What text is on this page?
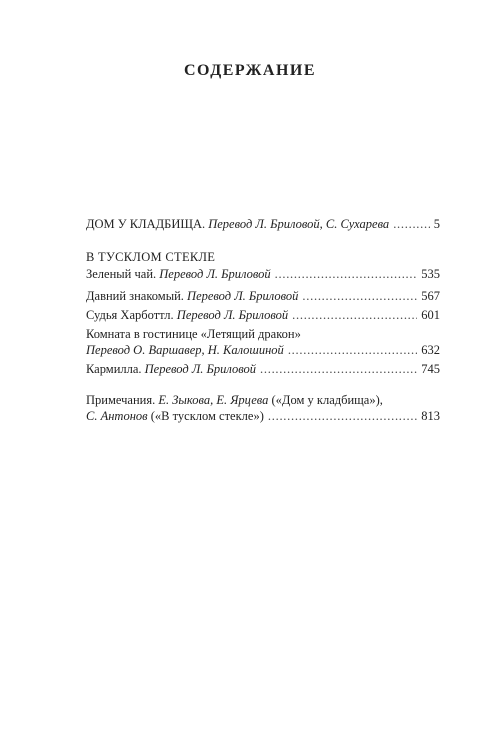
СОДЕРЖАНИЕ
ДОМ У КЛАДБИЩА. Перевод Л. Бриловой, С. Сухарева . . .	5
В ТУСКЛОМ СТЕКЛЕ
Зеленый чай. Перевод Л. Бриловой . . .	535
Давний знакомый. Перевод Л. Бриловой . . .	567
Судья Харботтл. Перевод Л. Бриловой . . .	601
Комната в гостинице «Летящий дракон»
Перевод О. Варшавер, Н. Калошиной . . .	632
Кармилла. Перевод Л. Бриловой . . .	745
Примечания. Е. Зыкова, Е. Ярцева («Дом у кладбища»),
С. Антонов («В тусклом стекле») . . .	813
